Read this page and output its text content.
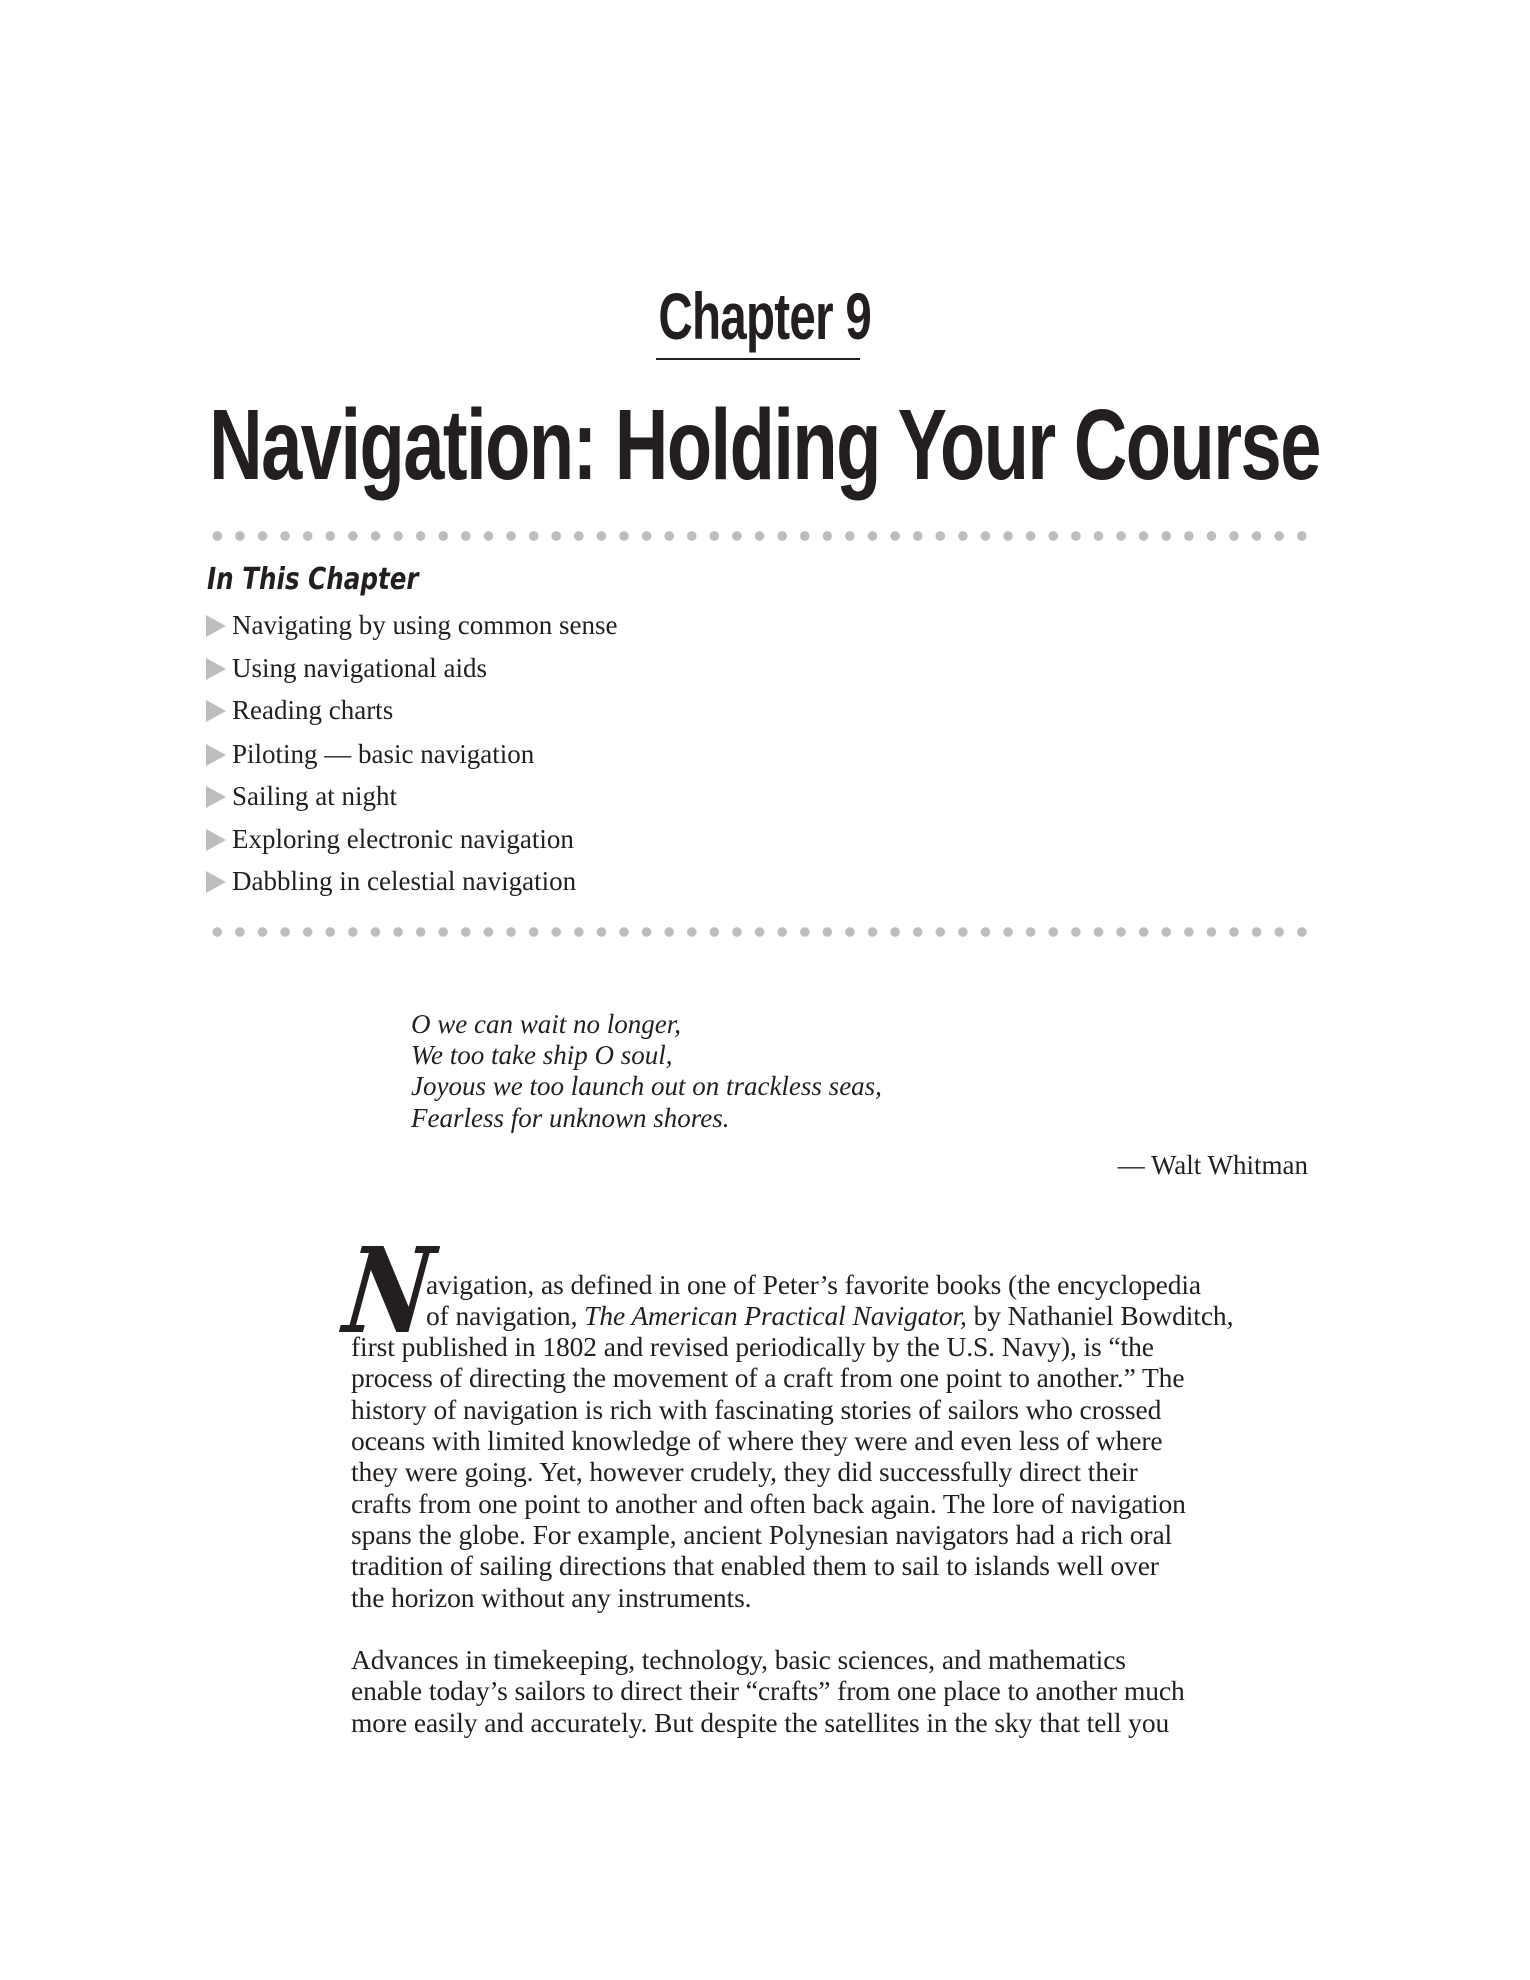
Chapter 9
Navigation: Holding Your Course
In This Chapter
Navigating by using common sense
Using navigational aids
Reading charts
Piloting — basic navigation
Sailing at night
Exploring electronic navigation
Dabbling in celestial navigation
O we can wait no longer,
We too take ship O soul,
Joyous we too launch out on trackless seas,
Fearless for unknown shores.
— Walt Whitman
N
avigation, as defined in one of Peter’s favorite books (the encyclopedia
of navigation, The American Practical Navigator, by Nathaniel Bowditch,
first published in 1802 and revised periodically by the U.S. Navy), is “the
process of directing the movement of a craft from one point to another.” The
history of navigation is rich with fascinating stories of sailors who crossed
oceans with limited knowledge of where they were and even less of where
they were going. Yet, however crudely, they did successfully direct their
crafts from one point to another and often back again. The lore of navigation
spans the globe. For example, ancient Polynesian navigators had a rich oral
tradition of sailing directions that enabled them to sail to islands well over
the horizon without any instruments.
Advances in timekeeping, technology, basic sciences, and mathematics
enable today’s sailors to direct their “crafts” from one place to another much
more easily and accurately. But despite the satellites in the sky that tell you
